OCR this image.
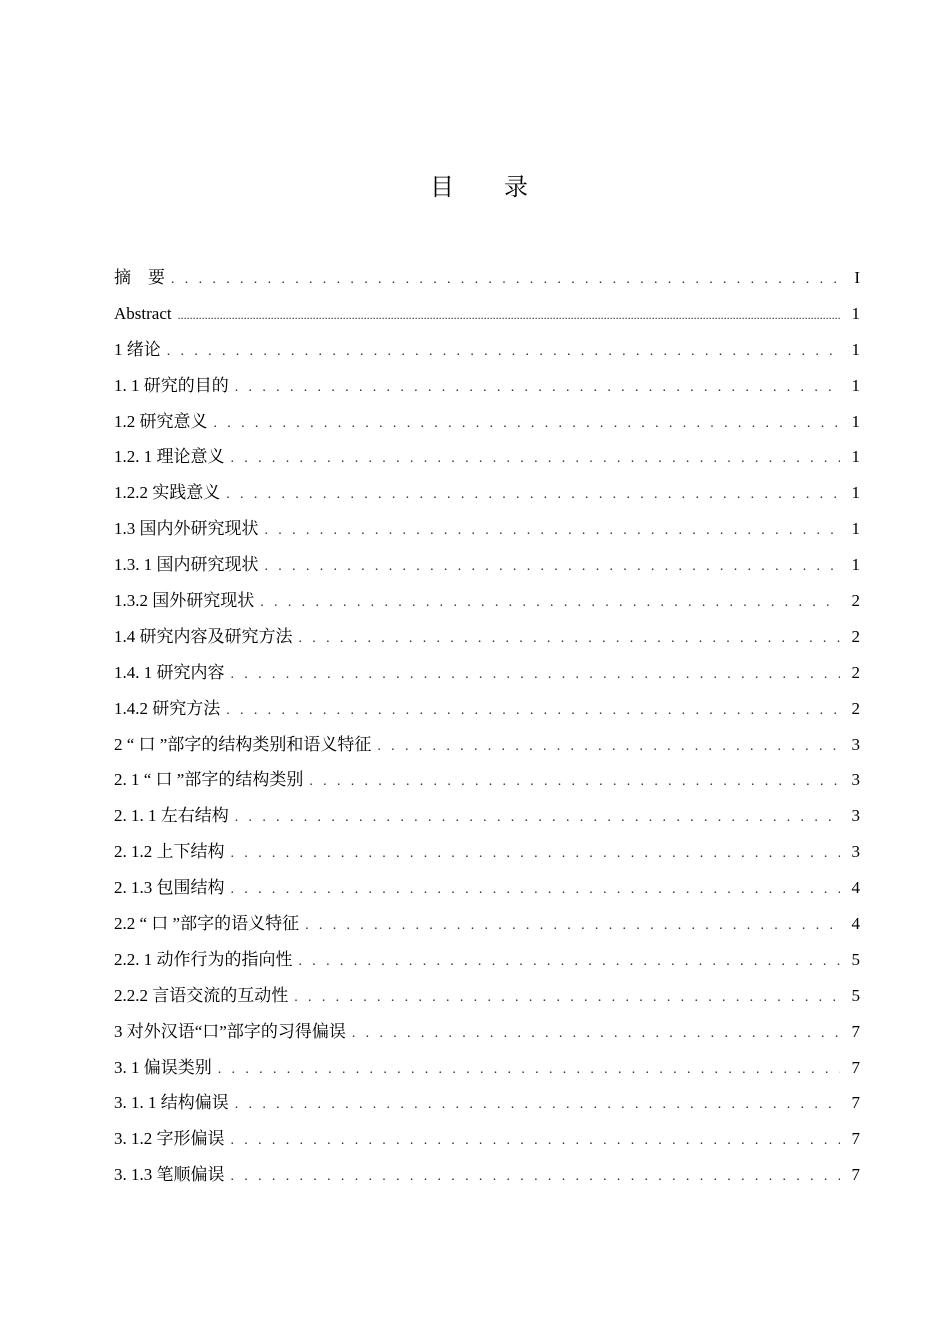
目 录
摘　要 . . .	I
Abstract .....	1
1 绪论 . . .	1
1. 1 研究的目的 . . .	1
1.2 研究意义 . . .	1
1.2. 1 理论意义 . . .	1
1.2.2 实践意义 . . .	1
1.3 国内外研究现状 . . .	1
1.3. 1 国内研究现状 . . .	1
1.3.2 国外研究现状 . . .	2
1.4 研究内容及研究方法 . . .	2
1.4. 1 研究内容 . . .	2
1.4.2 研究方法 . . .	2
2 “ 口 ”部字的结构类别和语义特征 . . .	3
2. 1 “ 口 ”部字的结构类别 . . .	3
2. 1. 1 左右结构 . . .	3
2. 1.2 上下结构 . . .	3
2. 1.3 包围结构 . . .	4
2.2 “ 口 ”部字的语义特征 . . .	4
2.2. 1 动作行为的指向性 . . .	5
2.2.2 言语交流的互动性 . . .	5
3 对外汉语“口”部字的习得偏误 . . .	7
3. 1 偏误类别 . . .	7
3. 1. 1 结构偏误 . . .	7
3. 1.2 字形偏误 . . .	7
3. 1.3 笔顺偏误 . . .	7
